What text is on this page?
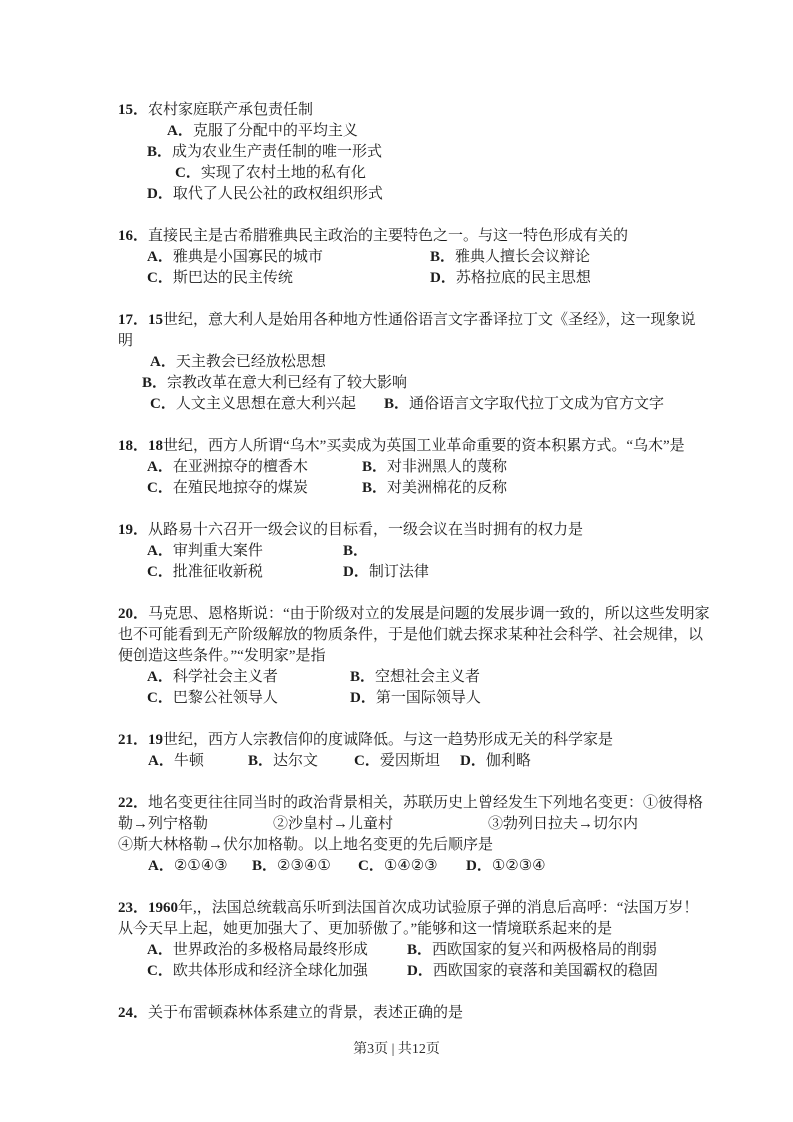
15．农村家庭联产承包责任制
A．克服了分配中的平均主义
B．成为农业生产责任制的唯一形式
C．实现了农村土地的私有化
D．取代了人民公社的政权组织形式
16．直接民主是古希腊雅典民主政治的主要特色之一。与这一特色形成有关的
A．雅典是小国寡民的城市	B．雅典人擅长会议辩论
C．斯巴达的民主传统	D．苏格拉底的民主思想
17．15世纪，意大利人是始用各种地方性通俗语言文字番译拉丁文《圣经》，这一现象说
明
A．天主教会已经放松思想
B．宗教改革在意大利已经有了较大影响
C．人文主义思想在意大利兴起 B．通俗语言文字取代拉丁文成为官方文字
18．18世纪，西方人所谓“乌木”买卖成为英国工业革命重要的资本积累方式。“乌木”是
A．在亚洲掠夺的檀香木	B．对非洲黑人的蔑称
C．在殖民地掠夺的煤炭	B．对美洲棉花的反称
19．从路易十六召开一级会议的目标看，一级会议在当时拥有的权力是
A．审判重大案件	B．
C．批准征收新税	D．制订法律
20．马克思、恩格斯说：“由于阶级对立的发展是问题的发展步调一致的，所以这些发明家
也不可能看到无产阶级解放的物质条件，于是他们就去探求某种社会科学、社会规律，以
便创造这些条件。”“发明家”是指
A．科学社会主义者	B．空想社会主义者
C．巴黎公社领导人	D．第一国际领导人
21．19世纪，西方人宗教信仰的度诚降低。与这一趋势形成无关的科学家是
A．牛顿	B．达尔文 C．爱因斯坦 D．伽利略
22．地名变更往往同当时的政治背景相关，苏联历史上曾经发生下列地名变更：①彼得格
勒→列宁格勒	②沙皇村→儿童村	③勃列日拉夫→切尔内
④斯大林格勒→伏尔加格勒。以上地名变更的先后顺序是
A．②①④③ B．②③④① C．①④②③ D．①②③④
23．1960年,，法国总统载高乐听到法国首次成功试验原子弹的消息后高呼：“法国万岁！
从今天早上起，她更加强大了、更加骄傲了。”能够和这一情境联系起来的是
A．世界政治的多极格局最终形成	B．西欧国家的复兴和两极格局的削弱
C．欧共体形成和经济全球化加强	D．西欧国家的衰落和美国霸权的稳固
24．关于布雷顿森林体系建立的背景，表述正确的是
第3页 | 共12页
